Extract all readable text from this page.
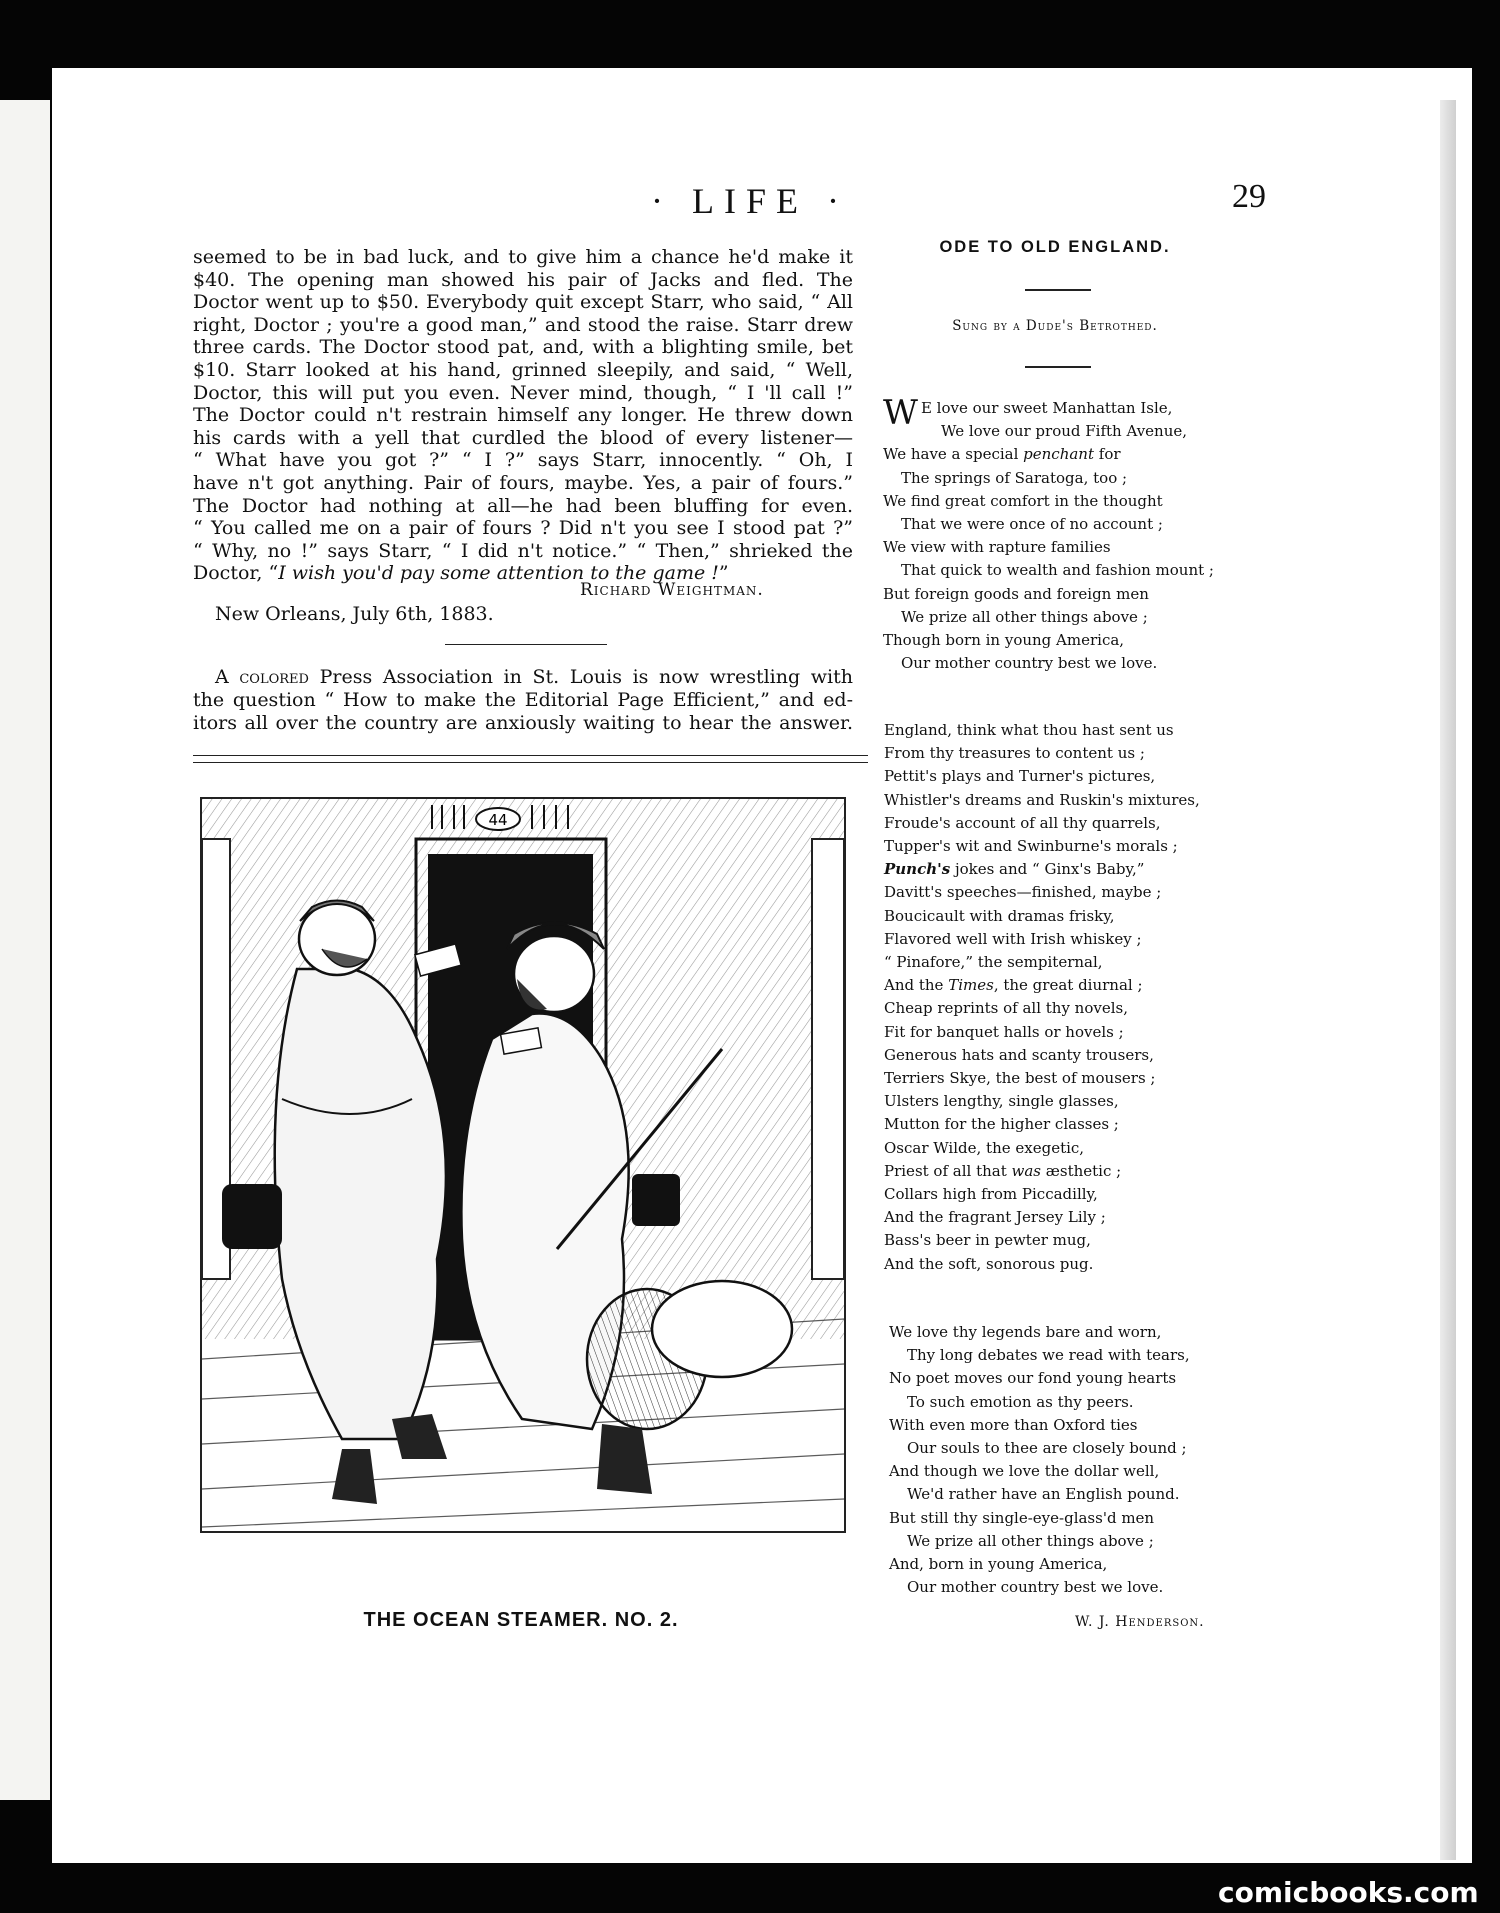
· LIFE ·	29
seemed to be in bad luck, and to give him a chance he'd make it
$40. The opening man showed his pair of Jacks and fled. The
Doctor went up to $50. Everybody quit except Starr, who said, “ All
right, Doctor ; you're a good man,” and stood the raise. Starr drew
three cards. The Doctor stood pat, and, with a blighting smile, bet
$10. Starr looked at his hand, grinned sleepily, and said, “ Well,
Doctor, this will put you even. Never mind, though, “ I 'll call !”
The Doctor could n't restrain himself any longer. He threw down
his cards with a yell that curdled the blood of every listener—
“ What have you got ?” “ I ?” says Starr, innocently. “ Oh, I
have n't got anything. Pair of fours, maybe. Yes, a pair of fours.”
The Doctor had nothing at all—he had been bluffing for even.
“ You called me on a pair of fours ? Did n't you see I stood pat ?”
“ Why, no !” says Starr, “ I did n't notice.” “ Then,” shrieked the
Doctor, “I wish you'd pay some attention to the game !”
Richard Weightman.
New Orleans, July 6th, 1883.
A colored Press Association in St. Louis is now wrestling with
the question “ How to make the Editorial Page Efficient,” and ed-
itors all over the country are anxiously waiting to hear the answer.
44
THE OCEAN STEAMER. NO. 2.
ODE TO OLD ENGLAND.
Sung by a Dude's Betrothed.
W E love our sweet Manhattan Isle,
We love our proud Fifth Avenue,
We have a special penchant for
The springs of Saratoga, too ;
We find great comfort in the thought
That we were once of no account ;
We view with rapture families
That quick to wealth and fashion mount ;
But foreign goods and foreign men
We prize all other things above ;
Though born in young America,
Our mother country best we love.
England, think what thou hast sent us
From thy treasures to content us ;
Pettit's plays and Turner's pictures,
Whistler's dreams and Ruskin's mixtures,
Froude's account of all thy quarrels,
Tupper's wit and Swinburne's morals ;
Punch's jokes and “ Ginx's Baby,”
Davitt's speeches—finished, maybe ;
Boucicault with dramas frisky,
Flavored well with Irish whiskey ;
“ Pinafore,” the sempiternal,
And the Times, the great diurnal ;
Cheap reprints of all thy novels,
Fit for banquet halls or hovels ;
Generous hats and scanty trousers,
Terriers Skye, the best of mousers ;
Ulsters lengthy, single glasses,
Mutton for the higher classes ;
Oscar Wilde, the exegetic,
Priest of all that was æsthetic ;
Collars high from Piccadilly,
And the fragrant Jersey Lily ;
Bass's beer in pewter mug,
And the soft, sonorous pug.
We love thy legends bare and worn,
Thy long debates we read with tears,
No poet moves our fond young hearts
To such emotion as thy peers.
With even more than Oxford ties
Our souls to thee are closely bound ;
And though we love the dollar well,
We'd rather have an English pound.
But still thy single-eye-glass'd men
We prize all other things above ;
And, born in young America,
Our mother country best we love.
W. J. Henderson.
comicbooks.com
